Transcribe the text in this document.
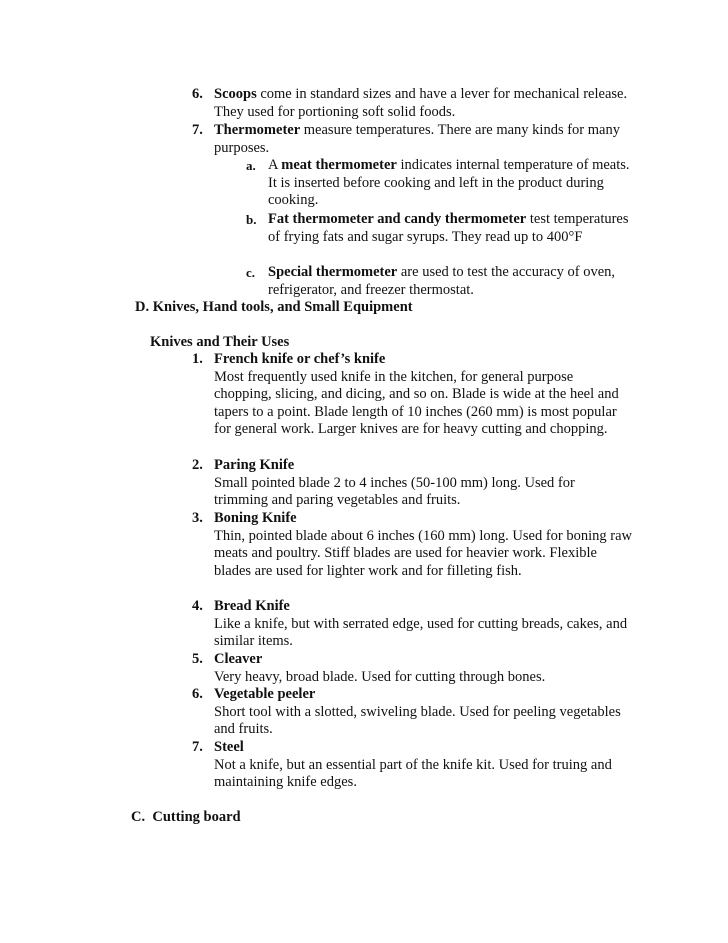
6. Scoops come in standard sizes and have a lever for mechanical release. They used for portioning soft solid foods.
7. Thermometer measure temperatures. There are many kinds for many purposes.
a. A meat thermometer indicates internal temperature of meats. It is inserted before cooking and left in the product during cooking.
b. Fat thermometer and candy thermometer test temperatures of frying fats and sugar syrups. They read up to 400°F
c. Special thermometer are used to test the accuracy of oven, refrigerator, and freezer thermostat.
D. Knives, Hand tools, and Small Equipment
Knives and Their Uses
1. French knife or chef’s knife
Most frequently used knife in the kitchen, for general purpose chopping, slicing, and dicing, and so on. Blade is wide at the heel and tapers to a point. Blade length of 10 inches (260 mm) is most popular for general work. Larger knives are for heavy cutting and chopping.
2. Paring Knife
Small pointed blade 2 to 4 inches (50-100 mm) long. Used for trimming and paring vegetables and fruits.
3. Boning Knife
Thin, pointed blade about 6 inches (160 mm) long. Used for boning raw meats and poultry. Stiff blades are used for heavier work. Flexible blades are used for lighter work and for filleting fish.
4. Bread Knife
Like a knife, but with serrated edge, used for cutting breads, cakes, and similar items.
5. Cleaver
Very heavy, broad blade. Used for cutting through bones.
6. Vegetable peeler
Short tool with a slotted, swiveling blade. Used for peeling vegetables and fruits.
7. Steel
Not a knife, but an essential part of the knife kit. Used for truing and maintaining knife edges.
C.  Cutting board
